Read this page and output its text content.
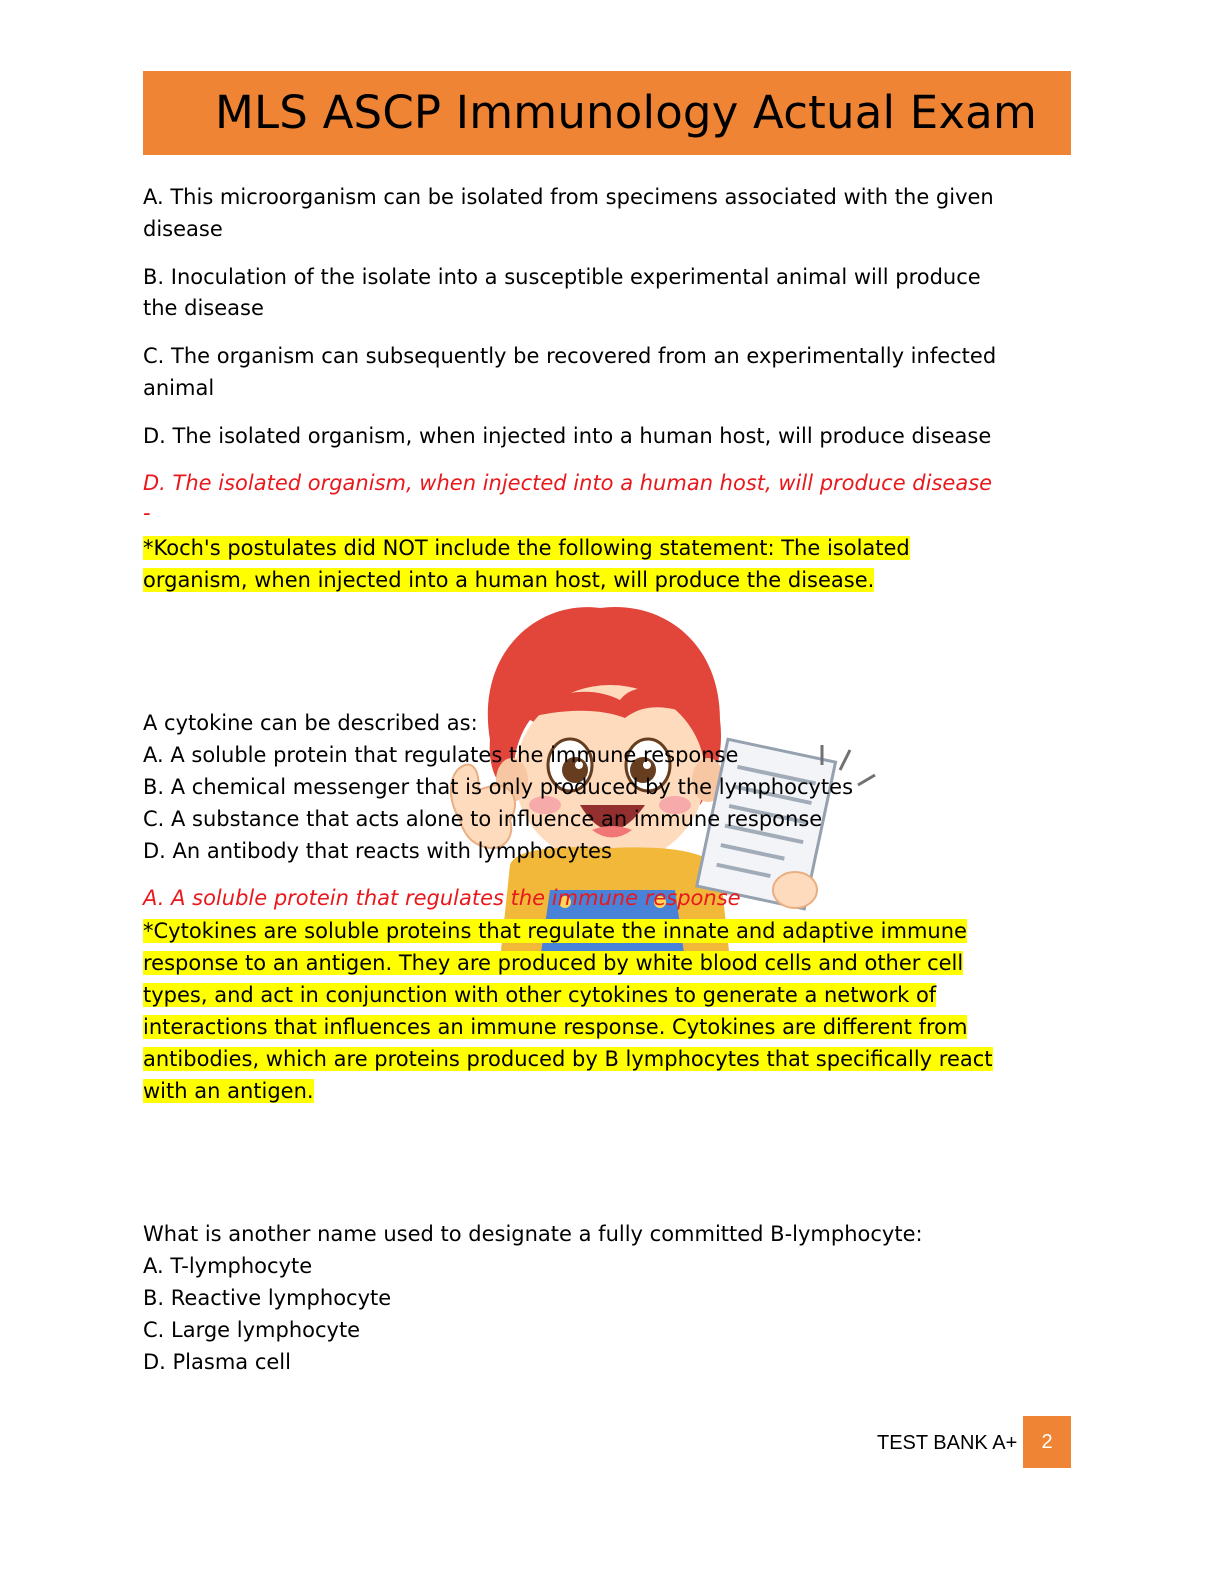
MLS ASCP Immunology Actual Exam

A. This microorganism can be isolated from specimens associated with the given

disease

B. Inoculation of the isolate into a susceptible experimental animal will produce

the disease

C. The organism can subsequently be recovered from an experimentally infected

animal

D. The isolated organism, when injected into a human host, will produce disease

D. The isolated organism, when injected into a human host, will produce disease

-

*Koch's postulates did NOT include the following statement: The isolated

organism, when injected into a human host, will produce the disease.

A cytokine can be described as:

A. A soluble protein that regulates the immune response

B. A chemical messenger that is only produced by the lymphocytes

C. A substance that acts alone to influence an immune response

D. An antibody that reacts with lymphocytes

A. A soluble protein that regulates the immune response

*Cytokines are soluble proteins that regulate the innate and adaptive immune

response to an antigen. They are produced by white blood cells and other cell

types, and act in conjunction with other cytokines to generate a network of

interactions that influences an immune response. Cytokines are different from

antibodies, which are proteins produced by B lymphocytes that specifically react

with an antigen.

What is another name used to designate a fully committed B-lymphocyte:

A. T-lymphocyte

B. Reactive lymphocyte

C. Large lymphocyte

D. Plasma cell

TEST BANK A+	2
